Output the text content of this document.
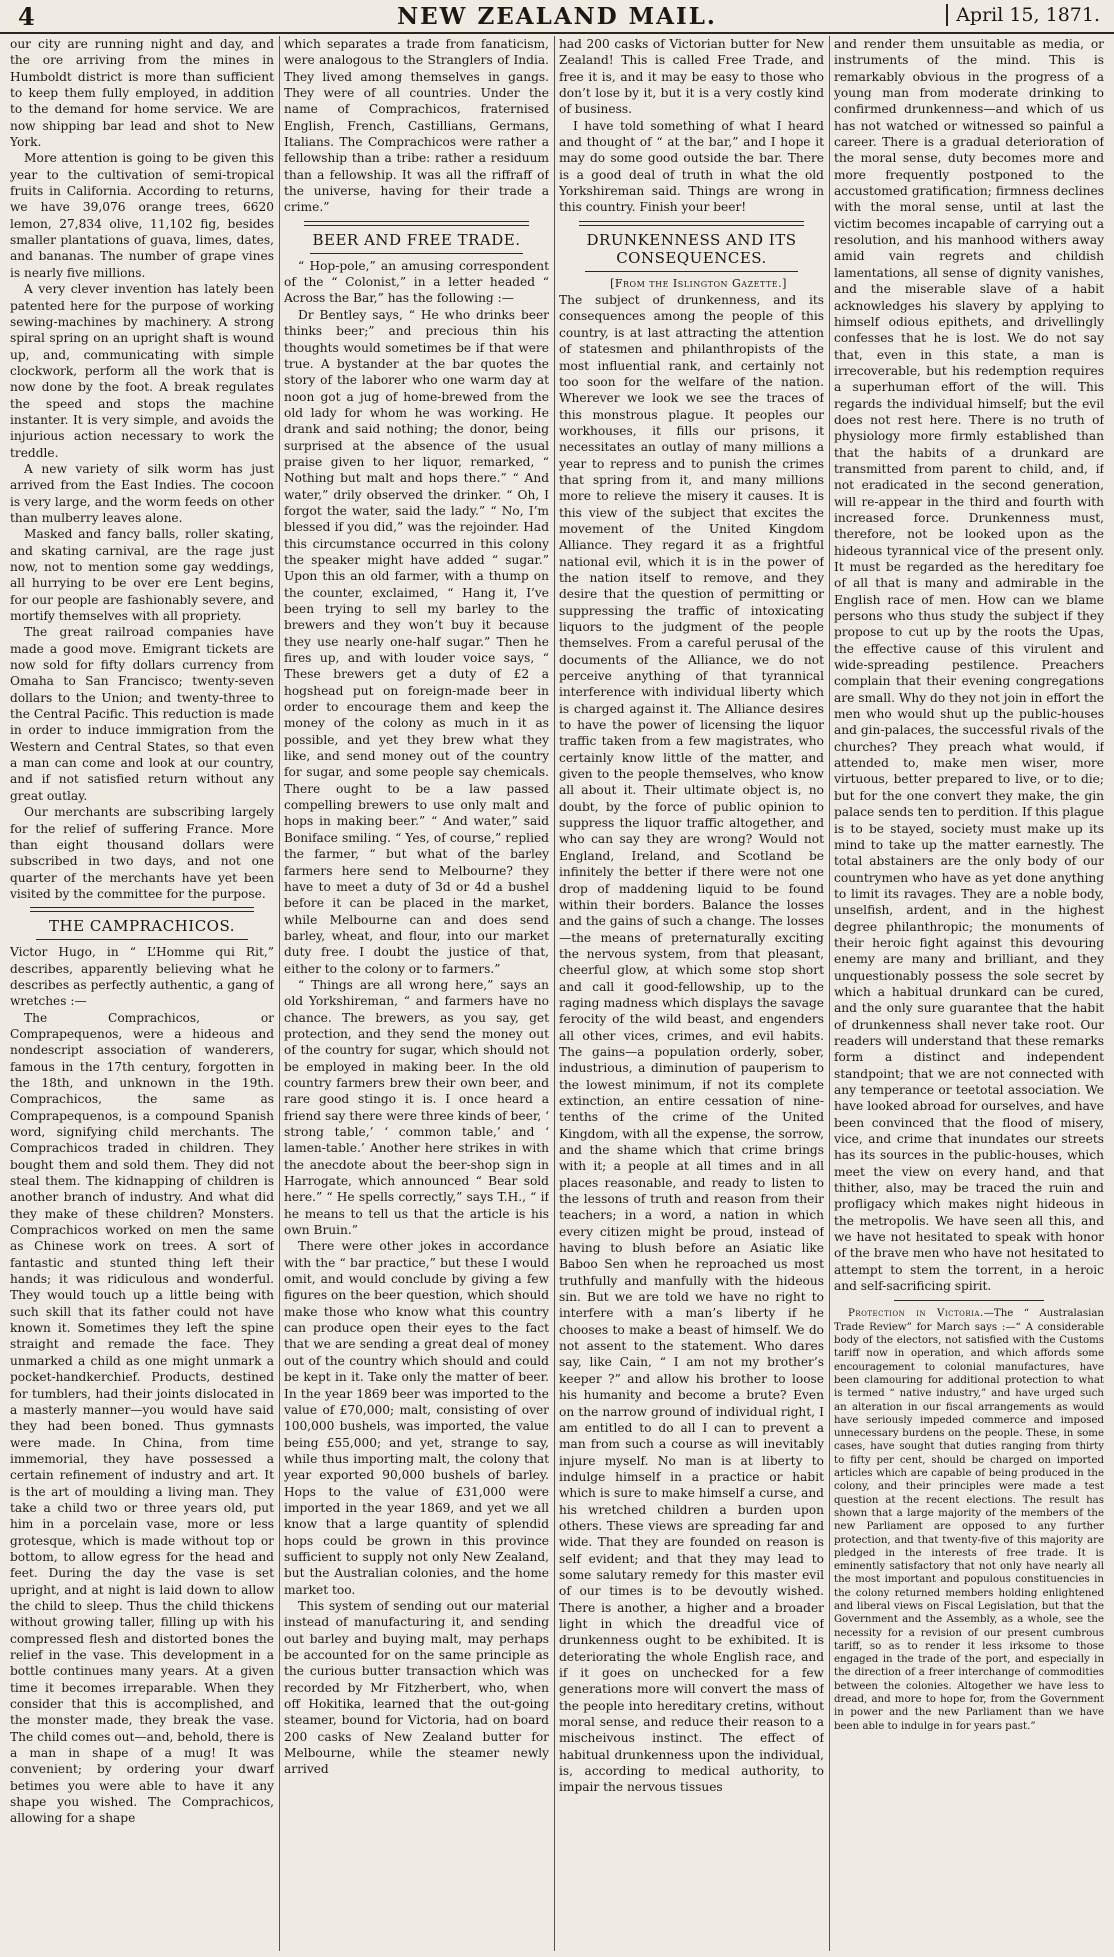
4	NEW ZEALAND MAIL.	April 15, 1871.

our city are running night and day, and the ore arriving from the mines in Humboldt district is more than sufficient to keep them fully employed, in addition to the demand for home service. We are now shipping bar lead and shot to New York.

More attention is going to be given this year to the cultivation of semi-tropical fruits in California. According to returns, we have 39,076 orange trees, 6620 lemon, 27,834 olive, 11,102 fig, besides smaller plantations of guava, limes, dates, and bananas. The number of grape vines is nearly five millions.

A very clever invention has lately been patented here for the purpose of working sewing-machines by machinery. A strong spiral spring on an upright shaft is wound up, and, communicating with simple clockwork, perform all the work that is now done by the foot. A break regulates the speed and stops the machine instanter. It is very simple, and avoids the injurious action necessary to work the treddle.

A new variety of silk worm has just arrived from the East Indies. The cocoon is very large, and the worm feeds on other than mulberry leaves alone.

Masked and fancy balls, roller skating, and skating carnival, are the rage just now, not to mention some gay weddings, all hurrying to be over ere Lent begins, for our people are fashionably severe, and mortify themselves with all propriety.

The great railroad companies have made a good move. Emigrant tickets are now sold for fifty dollars currency from Omaha to San Francisco; twenty-seven dollars to the Union; and twenty-three to the Central Pacific. This reduction is made in order to induce immigration from the Western and Central States, so that even a man can come and look at our country, and if not satisfied return without any great outlay.

Our merchants are subscribing largely for the relief of suffering France. More than eight thousand dollars were subscribed in two days, and not one quarter of the merchants have yet been visited by the committee for the purpose.

THE CAMPRACHICOS.

Victor Hugo, in “ L’Homme qui Rit,” describes, apparently believing what he describes as perfectly authentic, a gang of wretches :—

The Comprachicos, or Comprapequenos, were a hideous and nondescript association of wanderers, famous in the 17th century, forgotten in the 18th, and unknown in the 19th. Comprachicos, the same as Comprapequenos, is a compound Spanish word, signifying child merchants. The Comprachicos traded in children. They bought them and sold them. They did not steal them. The kidnapping of children is another branch of industry. And what did they make of these children? Monsters. Comprachicos worked on men the same as Chinese work on trees. A sort of fantastic and stunted thing left their hands; it was ridiculous and wonderful. They would touch up a little being with such skill that its father could not have known it. Sometimes they left the spine straight and remade the face. They unmarked a child as one might unmark a pocket-handkerchief. Products, destined for tumblers, had their joints dislocated in a masterly manner—you would have said they had been boned. Thus gymnasts were made. In China, from time immemorial, they have possessed a certain refinement of industry and art. It is the art of moulding a living man. They take a child two or three years old, put him in a porcelain vase, more or less grotesque, which is made without top or bottom, to allow egress for the head and feet. During the day the vase is set upright, and at night is laid down to allow the child to sleep. Thus the child thickens without growing taller, filling up with his compressed flesh and distorted bones the relief in the vase. This development in a bottle continues many years. At a given time it becomes irreparable. When they consider that this is accomplished, and the monster made, they break the vase. The child comes out—and, behold, there is a man in shape of a mug! It was convenient; by ordering your dwarf betimes you were able to have it any shape you wished. The Comprachicos, allowing for a shape

which separates a trade from fanaticism, were analogous to the Stranglers of India. They lived among themselves in gangs. They were of all countries. Under the name of Comprachicos, fraternised English, French, Castillians, Germans, Italians. The Comprachicos were rather a fellowship than a tribe: rather a residuum than a fellowship. It was all the riffraff of the universe, having for their trade a crime.”

BEER AND FREE TRADE.

“ Hop-pole,” an amusing correspondent of the “ Colonist,” in a letter headed “ Across the Bar,” has the following :—

Dr Bentley says, “ He who drinks beer thinks beer;” and precious thin his thoughts would sometimes be if that were true. A bystander at the bar quotes the story of the laborer who one warm day at noon got a jug of home-brewed from the old lady for whom he was working. He drank and said nothing; the donor, being surprised at the absence of the usual praise given to her liquor, remarked, “ Nothing but malt and hops there.” “ And water,” drily observed the drinker. “ Oh, I forgot the water, said the lady.” “ No, I’m blessed if you did,” was the rejoinder. Had this circumstance occurred in this colony the speaker might have added “ sugar.” Upon this an old farmer, with a thump on the counter, exclaimed, “ Hang it, I’ve been trying to sell my barley to the brewers and they won’t buy it because they use nearly one-half sugar.” Then he fires up, and with louder voice says, “ These brewers get a duty of £2 a hogshead put on foreign-made beer in order to encourage them and keep the money of the colony as much in it as possible, and yet they brew what they like, and send money out of the country for sugar, and some people say chemicals. There ought to be a law passed compelling brewers to use only malt and hops in making beer.” “ And water,” said Boniface smiling. “ Yes, of course,” replied the farmer, “ but what of the barley farmers here send to Melbourne? they have to meet a duty of 3d or 4d a bushel before it can be placed in the market, while Melbourne can and does send barley, wheat, and flour, into our market duty free. I doubt the justice of that, either to the colony or to farmers.”

“ Things are all wrong here,” says an old Yorkshireman, “ and farmers have no chance. The brewers, as you say, get protection, and they send the money out of the country for sugar, which should not be employed in making beer. In the old country farmers brew their own beer, and rare good stingo it is. I once heard a friend say there were three kinds of beer, ‘ strong table,’ ‘ common table,’ and ‘ lamen-table.’ Another here strikes in with the anecdote about the beer-shop sign in Harrogate, which announced “ Bear sold here.” “ He spells correctly,” says T.H., “ if he means to tell us that the article is his own Bruin.”

There were other jokes in accordance with the “ bar practice,” but these I would omit, and would conclude by giving a few figures on the beer question, which should make those who know what this country can produce open their eyes to the fact that we are sending a great deal of money out of the country which should and could be kept in it. Take only the matter of beer. In the year 1869 beer was imported to the value of £70,000; malt, consisting of over 100,000 bushels, was imported, the value being £55,000; and yet, strange to say, while thus importing malt, the colony that year exported 90,000 bushels of barley. Hops to the value of £31,000 were imported in the year 1869, and yet we all know that a large quantity of splendid hops could be grown in this province sufficient to supply not only New Zealand, but the Australian colonies, and the home market too.

This system of sending out our material instead of manufacturing it, and sending out barley and buying malt, may perhaps be accounted for on the same principle as the curious butter transaction which was recorded by Mr Fitzherbert, who, when off Hokitika, learned that the out-going steamer, bound for Victoria, had on board 200 casks of New Zealand butter for Melbourne, while the steamer newly arrived

had 200 casks of Victorian butter for New Zealand! This is called Free Trade, and free it is, and it may be easy to those who don’t lose by it, but it is a very costly kind of business.

I have told something of what I heard and thought of “ at the bar,” and I hope it may do some good outside the bar. There is a good deal of truth in what the old Yorkshireman said. Things are wrong in this country. Finish your beer!

DRUNKENNESS AND ITS CONSEQUENCES.

[From the Islington Gazette.]

The subject of drunkenness, and its consequences among the people of this country, is at last attracting the attention of statesmen and philanthropists of the most influential rank, and certainly not too soon for the welfare of the nation. Wherever we look we see the traces of this monstrous plague. It peoples our workhouses, it fills our prisons, it necessitates an outlay of many millions a year to repress and to punish the crimes that spring from it, and many millions more to relieve the misery it causes. It is this view of the subject that excites the movement of the United Kingdom Alliance. They regard it as a frightful national evil, which it is in the power of the nation itself to remove, and they desire that the question of permitting or suppressing the traffic of intoxicating liquors to the judgment of the people themselves. From a careful perusal of the documents of the Alliance, we do not perceive anything of that tyrannical interference with individual liberty which is charged against it. The Alliance desires to have the power of licensing the liquor traffic taken from a few magistrates, who certainly know little of the matter, and given to the people themselves, who know all about it. Their ultimate object is, no doubt, by the force of public opinion to suppress the liquor traffic altogether, and who can say they are wrong? Would not England, Ireland, and Scotland be infinitely the better if there were not one drop of maddening liquid to be found within their borders. Balance the losses and the gains of such a change. The losses —the means of preternaturally exciting the nervous system, from that pleasant, cheerful glow, at which some stop short and call it good-fellowship, up to the raging madness which displays the savage ferocity of the wild beast, and engenders all other vices, crimes, and evil habits. The gains—a population orderly, sober, industrious, a diminution of pauperism to the lowest minimum, if not its complete extinction, an entire cessation of nine-tenths of the crime of the United Kingdom, with all the expense, the sorrow, and the shame which that crime brings with it; a people at all times and in all places reasonable, and ready to listen to the lessons of truth and reason from their teachers; in a word, a nation in which every citizen might be proud, instead of having to blush before an Asiatic like Baboo Sen when he reproached us most truthfully and manfully with the hideous sin. But we are told we have no right to interfere with a man’s liberty if he chooses to make a beast of himself. We do not assent to the statement. Who dares say, like Cain, “ I am not my brother’s keeper ?” and allow his brother to loose his humanity and become a brute? Even on the narrow ground of individual right, I am entitled to do all I can to prevent a man from such a course as will inevitably injure myself. No man is at liberty to indulge himself in a practice or habit which is sure to make himself a curse, and his wretched children a burden upon others. These views are spreading far and wide. That they are founded on reason is self evident; and that they may lead to some salutary remedy for this master evil of our times is to be devoutly wished. There is another, a higher and a broader light in which the dreadful vice of drunkenness ought to be exhibited. It is deteriorating the whole English race, and if it goes on unchecked for a few generations more will convert the mass of the people into hereditary cretins, without moral sense, and reduce their reason to a mischeivous instinct. The effect of habitual drunkenness upon the individual, is, according to medical authority, to impair the nervous tissues

and render them unsuitable as media, or instruments of the mind. This is remarkably obvious in the progress of a young man from moderate drinking to confirmed drunkenness—and which of us has not watched or witnessed so painful a career. There is a gradual deterioration of the moral sense, duty becomes more and more frequently postponed to the accustomed gratification; firmness declines with the moral sense, until at last the victim becomes incapable of carrying out a resolution, and his manhood withers away amid vain regrets and childish lamentations, all sense of dignity vanishes, and the miserable slave of a habit acknowledges his slavery by applying to himself odious epithets, and drivellingly confesses that he is lost. We do not say that, even in this state, a man is irrecoverable, but his redemption requires a superhuman effort of the will. This regards the individual himself; but the evil does not rest here. There is no truth of physiology more firmly established than that the habits of a drunkard are transmitted from parent to child, and, if not eradicated in the second generation, will re-appear in the third and fourth with increased force. Drunkenness must, therefore, not be looked upon as the hideous tyrannical vice of the present only. It must be regarded as the hereditary foe of all that is many and admirable in the English race of men. How can we blame persons who thus study the subject if they propose to cut up by the roots the Upas, the effective cause of this virulent and wide-spreading pestilence. Preachers complain that their evening congregations are small. Why do they not join in effort the men who would shut up the public-houses and gin-palaces, the successful rivals of the churches? They preach what would, if attended to, make men wiser, more virtuous, better prepared to live, or to die; but for the one convert they make, the gin palace sends ten to perdition. If this plague is to be stayed, society must make up its mind to take up the matter earnestly. The total abstainers are the only body of our countrymen who have as yet done anything to limit its ravages. They are a noble body, unselfish, ardent, and in the highest degree philanthropic; the monuments of their heroic fight against this devouring enemy are many and brilliant, and they unquestionably possess the sole secret by which a habitual drunkard can be cured, and the only sure guarantee that the habit of drunkenness shall never take root. Our readers will understand that these remarks form a distinct and independent standpoint; that we are not connected with any temperance or teetotal association. We have looked abroad for ourselves, and have been convinced that the flood of misery, vice, and crime that inundates our streets has its sources in the public-houses, which meet the view on every hand, and that thither, also, may be traced the ruin and profligacy which makes night hideous in the metropolis. We have seen all this, and we have not hesitated to speak with honor of the brave men who have not hesitated to attempt to stem the torrent, in a heroic and self-sacrificing spirit.

Protection in Victoria.—The “ Australasian Trade Review” for March says :—“ A considerable body of the electors, not satisfied with the Customs tariff now in operation, and which affords some encouragement to colonial manufactures, have been clamouring for additional protection to what is termed “ native industry,” and have urged such an alteration in our fiscal arrangements as would have seriously impeded commerce and imposed unnecessary burdens on the people. These, in some cases, have sought that duties ranging from thirty to fifty per cent, should be charged on imported articles which are capable of being produced in the colony, and their principles were made a test question at the recent elections. The result has shown that a large majority of the members of the new Parliament are opposed to any further protection, and that twenty-five of this majority are pledged in the interests of free trade. It is eminently satisfactory that not only have nearly all the most important and populous constituencies in the colony returned members holding enlightened and liberal views on Fiscal Legislation, but that the Government and the Assembly, as a whole, see the necessity for a revision of our present cumbrous tariff, so as to render it less irksome to those engaged in the trade of the port, and especially in the direction of a freer interchange of commodities between the colonies. Altogether we have less to dread, and more to hope for, from the Government in power and the new Parliament than we have been able to indulge in for years past.”
